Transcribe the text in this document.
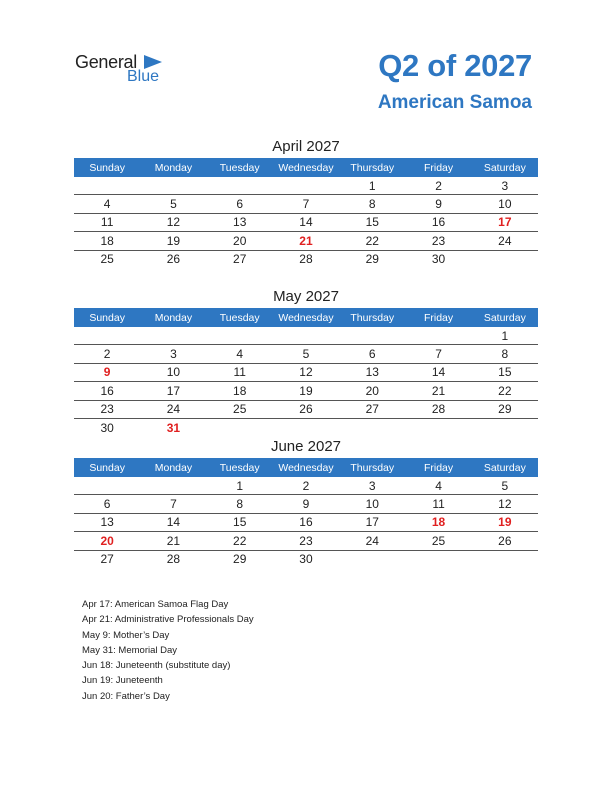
General
Blue	Q2 of 2027
American Samoa
April 2027
Sunday	Monday	Tuesday	Wednesday	Thursday	Friday	Saturday
				1	2	3
4	5	6	7	8	9	10
11	12	13	14	15	16	17
18	19	20	21	22	23	24
25	26	27	28	29	30	
May 2027
Sunday	Monday	Tuesday	Wednesday	Thursday	Friday	Saturday
						1
2	3	4	5	6	7	8
9	10	11	12	13	14	15
16	17	18	19	20	21	22
23	24	25	26	27	28	29
30	31					
June 2027
Sunday	Monday	Tuesday	Wednesday	Thursday	Friday	Saturday
		1	2	3	4	5
6	7	8	9	10	11	12
13	14	15	16	17	18	19
20	21	22	23	24	25	26
27	28	29	30			
Apr 17: American Samoa Flag Day
Apr 21: Administrative Professionals Day
May 9: Mother’s Day
May 31: Memorial Day
Jun 18: Juneteenth (substitute day)
Jun 19: Juneteenth
Jun 20: Father’s Day
